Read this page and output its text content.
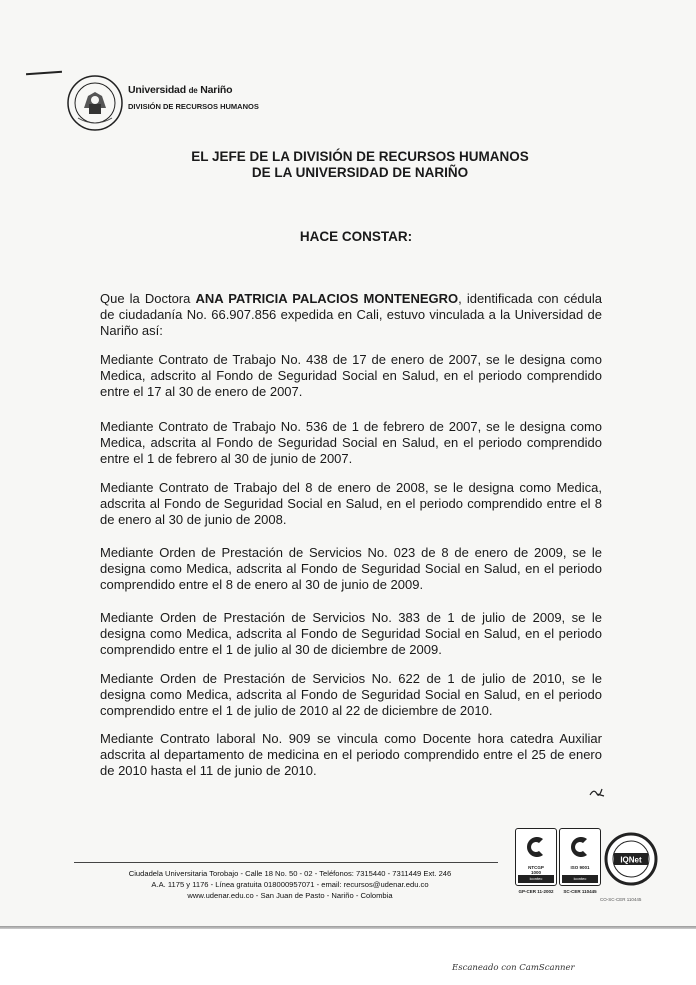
Universidad de Nariño
DIVISIÓN DE RECURSOS HUMANOS
EL JEFE DE LA DIVISIÓN DE RECURSOS HUMANOS
DE LA UNIVERSIDAD DE NARIÑO
HACE CONSTAR:
Que la Doctora ANA PATRICIA PALACIOS MONTENEGRO, identificada con cédula de ciudadanía No. 66.907.856 expedida en Cali, estuvo vinculada a la Universidad de Nariño así:
Mediante Contrato de Trabajo No. 438 de 17 de enero de 2007, se le designa como Medica, adscrito al Fondo de Seguridad Social en Salud, en el periodo comprendido entre el 17 al 30 de enero de 2007.
Mediante Contrato de Trabajo No. 536 de 1 de febrero de 2007, se le designa como Medica, adscrita al Fondo de Seguridad Social en Salud, en el periodo comprendido entre el 1 de febrero al 30 de junio de 2007.
Mediante Contrato de Trabajo del 8 de enero de 2008, se le designa como Medica, adscrita al Fondo de Seguridad Social en Salud, en el periodo comprendido entre el 8 de enero al 30 de junio de 2008.
Mediante Orden de Prestación de Servicios No. 023 de 8 de enero de 2009, se le designa como Medica, adscrita al Fondo de Seguridad Social en Salud, en el periodo comprendido entre el 8 de enero al 30 de junio de 2009.
Mediante Orden de Prestación de Servicios No. 383 de 1 de julio de 2009, se le designa como Medica, adscrita al Fondo de Seguridad Social en Salud, en el periodo comprendido entre el 1 de julio al 30 de diciembre de 2009.
Mediante Orden de Prestación de Servicios No. 622 de 1 de julio de 2010, se le designa como Medica, adscrita al Fondo de Seguridad Social en Salud, en el periodo comprendido entre el 1 de julio de 2010 al 22 de diciembre de 2010.
Mediante Contrato laboral No. 909 se vincula como Docente hora catedra Auxiliar adscrita al departamento de medicina en el periodo comprendido entre el 25 de enero de 2010 hasta el 11 de junio de 2010.
Ciudadela Universitaria Torobajo - Calle 18 No. 50 - 02 - Teléfonos: 7315440 - 7311449 Ext. 246
A.A. 1175 y 1176 - Línea gratuita 018000957071 - email: recursos@udenar.edu.co
www.udenar.edu.co - San Juan de Pasto - Nariño - Colombia
NTCGP
1000
icontec
GP-CER 11-2002
ISO 9001
icontec
SC-CER 110445
IQNet
CO-SC-CER 110445
Escaneado con CamScanner
